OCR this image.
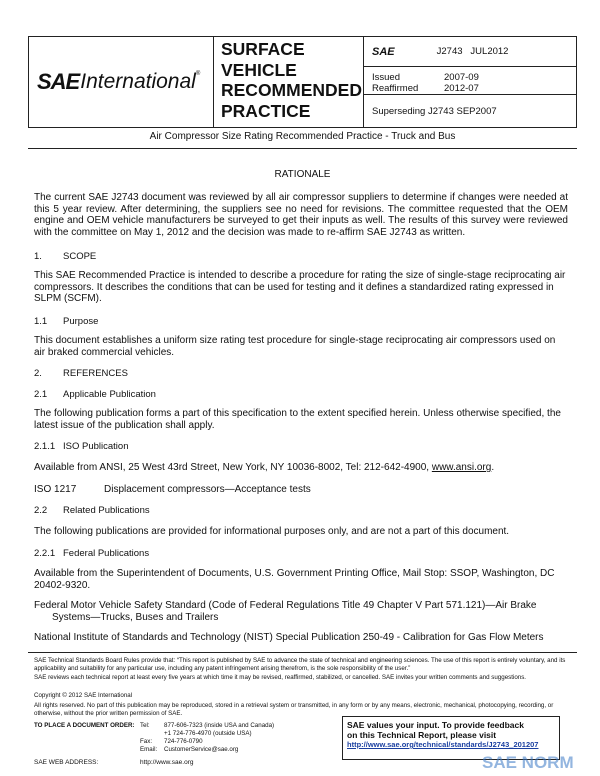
SAE International ®
SURFACE
VEHICLE
RECOMMENDED
PRACTICE
SAE	J2743   JUL2012
Issued	2007-09
Reaffirmed	2012-07
Superseding J2743 SEP2007
Air Compressor Size Rating Recommended Practice - Truck and Bus
RATIONALE

The current SAE J2743 document was reviewed by all air compressor suppliers to determine if changes were needed at this 5 year review. After determining, the suppliers see no need for revisions. The committee requested that the OEM engine and OEM vehicle manufacturers be surveyed to get their inputs as well. The results of this survey were reviewed with the committee on May 1, 2012 and the decision was made to re-affirm SAE J2743 as written.

1. SCOPE

This SAE Recommended Practice is intended to describe a procedure for rating the size of single-stage reciprocating air compressors. It describes the conditions that can be used for testing and it defines a standardized rating expressed in SLPM (SCFM).

1.1 Purpose

This document establishes a uniform size rating test procedure for single-stage reciprocating air compressors used on air braked commercial vehicles.

2. REFERENCES
2.1 Applicable Publication

The following publication forms a part of this specification to the extent specified herein. Unless otherwise specified, the latest issue of the publication shall apply.

2.1.1 ISO Publication

Available from ANSI, 25 West 43rd Street, New York, NY 10036-8002, Tel: 212-642-4900, www.ansi.org.

ISO 1217	Displacement compressors—Acceptance tests

2.2 Related Publications

The following publications are provided for informational purposes only, and are not a part of this document.

2.2.1 Federal Publications

Available from the Superintendent of Documents, U.S. Government Printing Office, Mail Stop: SSOP, Washington, DC 20402-9320.

Federal Motor Vehicle Safety Standard (Code of Federal Regulations Title 49 Chapter V Part 571.121)—Air Brake
Systems—Trucks, Buses and Trailers

National Institute of Standards and Technology (NIST) Special Publication 250-49 - Calibration for Gas Flow Meters

SAE Technical Standards Board Rules provide that: “This report is published by SAE to advance the state of technical and engineering sciences. The use of this report is entirely voluntary, and its applicability and suitability for any particular use, including any patent infringement arising therefrom, is the sole responsibility of the user.”

SAE reviews each technical report at least every five years at which time it may be revised, reaffirmed, stabilized, or cancelled. SAE invites your written comments and suggestions.

Copyright © 2012 SAE International

All rights reserved. No part of this publication may be reproduced, stored in a retrieval system or transmitted, in any form or by any means, electronic, mechanical, photocopying, recording, or otherwise, without the prior written permission of SAE.

TO PLACE A DOCUMENT ORDER: Tel:	877-606-7323 (inside USA and Canada)
+1 724-776-4970 (outside USA)
Fax:	724-776-0790
Email:	CustomerService@sae.org
SAE WEB ADDRESS:	http://www.sae.org
SAE values your input. To provide feedback
on this Technical Report, please visit
http://www.sae.org/technical/standards/J2743_201207
SAE NORM
